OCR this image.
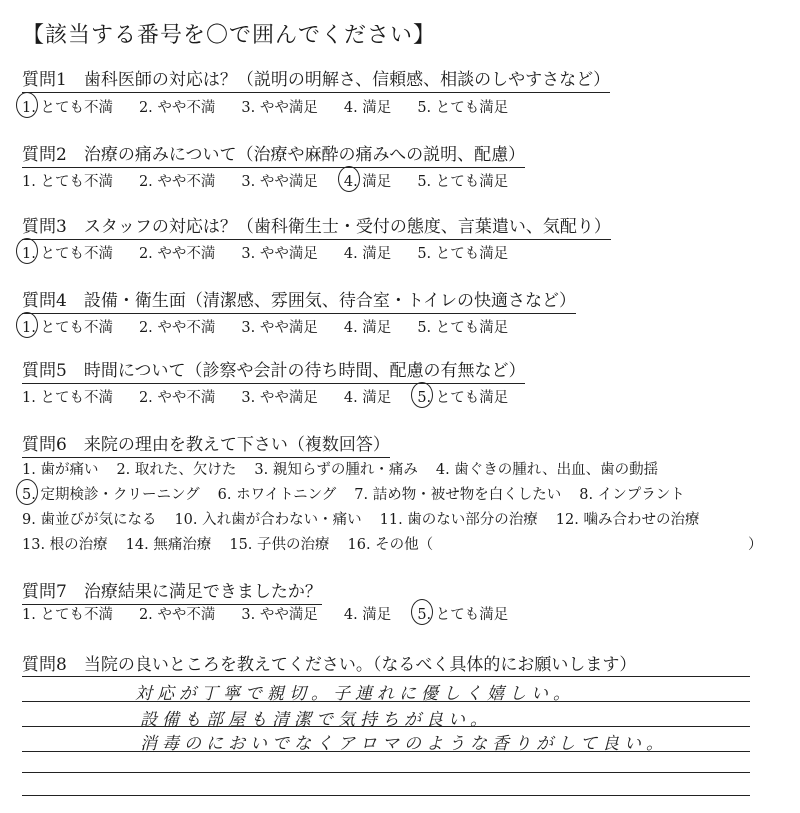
【該当する番号を〇で囲んでください】
質問1　歯科医師の対応は？（説明の明解さ、信頼感、相談のしやすさなど）
1. とても不満 2. やや不満 3. やや満足 4. 満足 5. とても満足
質問2　治療の痛みについて（治療や麻酔の痛みへの説明、配慮）
1. とても不満 2. やや不満 3. やや満足 4. 満足 5. とても満足
質問3　スタッフの対応は？（歯科衛生士・受付の態度、言葉遣い、気配り）
1. とても不満 2. やや不満 3. やや満足 4. 満足 5. とても満足
質問4　設備・衛生面（清潔感、雰囲気、待合室・トイレの快適さなど）
1. とても不満 2. やや不満 3. やや満足 4. 満足 5. とても満足
質問5　時間について（診察や会計の待ち時間、配慮の有無など）
1. とても不満 2. やや不満 3. やや満足 4. 満足 5. とても満足
質問6　来院の理由を教えて下さい（複数回答）
1. 歯が痛い 2. 取れた、欠けた 3. 親知らずの腫れ・痛み 4. 歯ぐきの腫れ、出血、歯の動揺
5. 定期検診・クリーニング 6. ホワイトニング 7. 詰め物・被せ物を白くしたい 8. インプラント
9. 歯並びが気になる 10. 入れ歯が合わない・痛い 11. 歯のない部分の治療 12. 噛み合わせの治療
13. 根の治療 14. 無痛治療 15. 子供の治療 16. その他（	）
質問7　治療結果に満足できましたか？
1. とても不満 2. やや不満 3. やや満足 4. 満足 5. とても満足
質問8　当院の良いところを教えてください。（なるべく具体的にお願いします）
対応が丁寧で親切。子連れに優しく嬉しい。
設備も部屋も清潔で気持ちが良い。
消毒のにおいでなくアロマのような香りがして良い。
